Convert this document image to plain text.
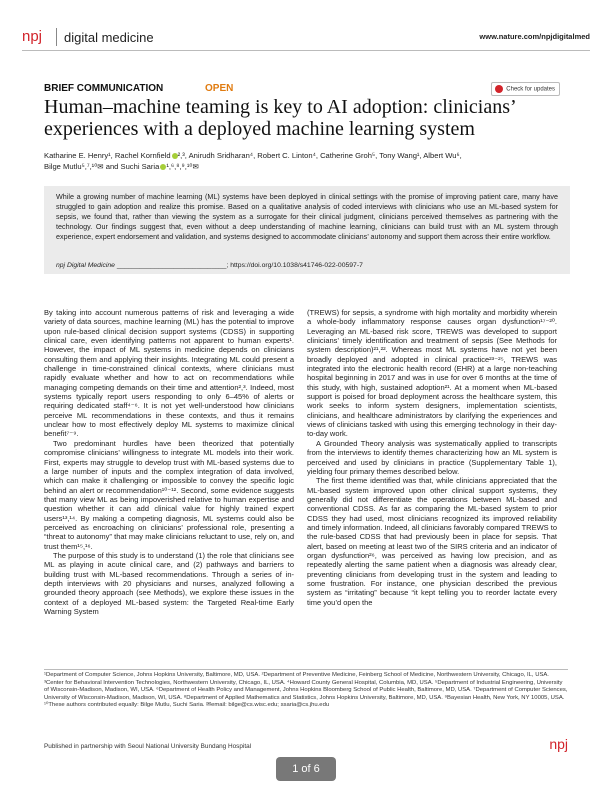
npj digital medicine	www.nature.com/npjdigitalmed
BRIEF COMMUNICATION	OPEN	Check for updates
Human–machine teaming is key to AI adoption: clinicians’ experiences with a deployed machine learning system
Katharine E. Henry¹, Rachel Kornfield ²,³, Anirudh Sridharan⁴, Robert C. Linton⁴, Catherine Groh⁵, Tony Wang¹, Albert Wu⁶,
Bilge Mutlu⁵,⁷,¹⁰✉ and Suchi Saria ¹,⁶,⁸,⁹,¹⁰✉

While a growing number of machine learning (ML) systems have been deployed in clinical settings with the promise of improving patient care, many have struggled to gain adoption and realize this promise. Based on a qualitative analysis of coded interviews with clinicians who use an ML-based system for sepsis, we found that, rather than viewing the system as a surrogate for their clinical judgment, clinicians perceived themselves as partnering with the technology. Our findings suggest that, even without a deep understanding of machine learning, clinicians can build trust with an ML system through experience, expert endorsement and validation, and systems designed to accommodate clinicians’ autonomy and support them across their entire workflow.

npj Digital Medicine _____________________________; https://doi.org/10.1038/s41746-022-00597-7

By taking into account numerous patterns of risk and leveraging a wide variety of data sources, machine learning (ML) has the potential to improve upon rule-based clinical decision support systems (CDSS) in supporting clinical care, even identifying patterns not apparent to human experts¹. However, the impact of ML systems in medicine depends on clinicians consulting them and applying their insights. Integrating ML could present a challenge in time-constrained clinical contexts, where clinicians must rapidly evaluate whether and how to act on recommendations while managing competing demands on their time and attention²,³. Indeed, most systems typically report users responding to only 6–45% of alerts or requiring dedicated staff⁴⁻⁶. It is not yet well-understood how clinicians perceive ML recommendations in these contexts, and thus it remains unclear how to most effectively deploy ML systems to maximize clinical benefit⁷⁻⁹.

Two predominant hurdles have been theorized that potentially compromise clinicians’ willingness to integrate ML models into their work. First, experts may struggle to develop trust with ML-based systems due to a large number of inputs and the complex integration of data involved, which can make it challenging or impossible to convey the specific logic behind an alert or recommendation¹⁰⁻¹². Second, some evidence suggests that many view ML as being impoverished relative to human expertise and question whether it can add clinical value for highly trained expert users¹³,¹⁴. By making a competing diagnosis, ML systems could also be perceived as encroaching on clinicians’ professional role, presenting a “threat to autonomy” that may make clinicians reluctant to use, rely on, and trust them¹⁵,¹⁶.

The purpose of this study is to understand (1) the role that clinicians see ML as playing in acute clinical care, and (2) pathways and barriers to building trust with ML-based recommendations. Through a series of in-depth interviews with 20 physicians and nurses, analyzed following a grounded theory approach (see Methods), we explore these issues in the context of a deployed ML-based system: the Targeted Real-time Early Warning System

(TREWS) for sepsis, a syndrome with high mortality and morbidity wherein a whole-body inflammatory response causes organ dysfunction¹⁷⁻²⁰. Leveraging an ML-based risk score, TREWS was developed to support clinicians’ timely identification and treatment of sepsis (See Methods for system description)²¹,²². Whereas most ML systems have not yet been broadly deployed and adopted in clinical practice²³⁻²⁵, TREWS was integrated into the electronic health record (EHR) at a large non-teaching hospital beginning in 2017 and was in use for over 6 months at the time of this study, with high, sustained adoption²¹. At a moment when ML-based support is poised for broad deployment across the healthcare system, this work seeks to inform system designers, implementation scientists, clinicians, and healthcare administrators by clarifying the experiences and views of clinicians tasked with using this emerging technology in their day-to-day work.

A Grounded Theory analysis was systematically applied to transcripts from the interviews to identify themes characterizing how an ML system is perceived and used by clinicians in practice (Supplementary Table 1), yielding four primary themes described below.

The first theme identified was that, while clinicians appreciated that the ML-based system improved upon other clinical support systems, they generally did not differentiate the operations between ML-based and conventional CDSS. As far as comparing the ML-based system to prior CDSS they had used, most clinicians recognized its improved reliability and timely information. Indeed, all clinicians favorably compared TREWS to the rule-based CDSS that had previously been in place for sepsis. That alert, based on meeting at least two of the SIRS criteria and an indicator of organ dysfunction²⁶, was perceived as having low precision, and as repeatedly alerting the same patient when a diagnosis was already clear, preventing clinicians from developing trust in the system and leading to some frustration. For instance, one physician described the previous system as “irritating” because “it kept telling you to reorder lactate every time you’d open the

¹Department of Computer Science, Johns Hopkins University, Baltimore, MD, USA. ²Department of Preventive Medicine, Feinberg School of Medicine, Northwestern University, Chicago, IL, USA. ³Center for Behavioral Intervention Technologies, Northwestern University, Chicago, IL, USA. ⁴Howard County General Hospital, Columbia, MD, USA. ⁵Department of Industrial Engineering, University of Wisconsin-Madison, Madison, WI, USA. ⁶Department of Health Policy and Management, Johns Hopkins Bloomberg School of Public Health, Baltimore, MD, USA. ⁷Department of Computer Sciences, University of Wisconsin-Madison, Madison, WI, USA. ⁸Department of Applied Mathematics and Statistics, Johns Hopkins University, Baltimore, MD, USA. ⁹Bayesian Health, New York, NY 10005, USA. ¹⁰These authors contributed equally: Bilge Mutlu, Suchi Saria. ✉email: bilge@cs.wisc.edu; ssaria@cs.jhu.edu

Published in partnership with Seoul National University Bundang Hospital	npj
1 of 6
